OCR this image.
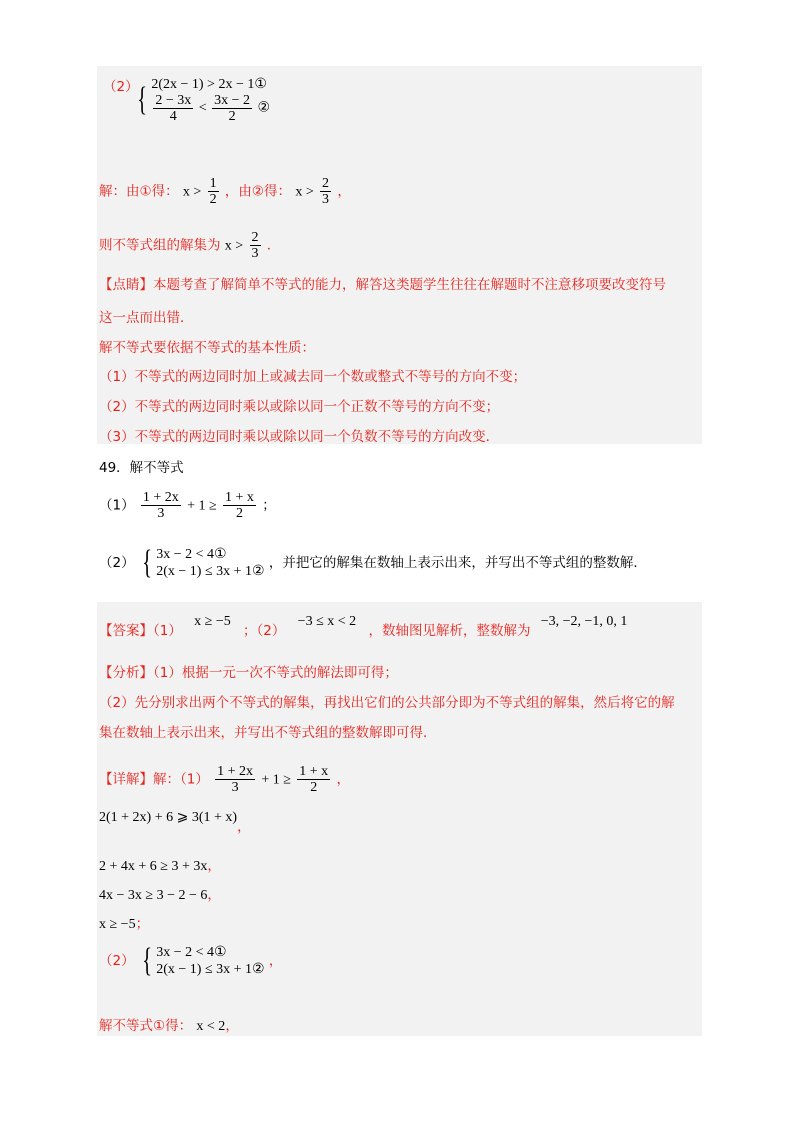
（2）
{ 2(2x − 1) > 2x − 1①
$\frac{2 - 3x}{4} < \frac{3x - 2}{2}$ ②
解：由①得： $x > \frac{1}{2}$ ，由②得： $x > \frac{2}{3}$ ，
则不等式组的解集为 $x > \frac{2}{3}$ ．
【点睛】本题考查了解简单不等式的能力，解答这类题学生往往在解题时不注意移项要改变符号
这一点而出错．
解不等式要依据不等式的基本性质：
（1）不等式的两边同时加上或减去同一个数或整式不等号的方向不变；
（2）不等式的两边同时乘以或除以同一个正数不等号的方向不变；
（3）不等式的两边同时乘以或除以同一个负数不等号的方向改变．
49．解不等式
$(1) \frac{1 + 2x}{3} + 1 \ge \frac{1 + x}{2}$ ；
（2） { 3x − 2 < 4①
2(x − 1) ≤ 3x + 1②
，并把它的解集在数轴上表示出来，并写出不等式组的整数解．
【答案】（1） x ≥ −5 ；（2） −3 ≤ x < 2 ，数轴图见解析，整数解为 −3, −2, −1, 0, 1
【分析】（1）根据一元一次不等式的解法即可得；
（2）先分别求出两个不等式的解集，再找出它们的公共部分即为不等式组的解集，然后将它的解
集在数轴上表示出来，并写出不等式组的整数解即可得．
【详解】解：$(1) \frac{1 + 2x}{3} + 1 \ge \frac{1 + x}{2}$ ，
2(1 + 2x) + 6 ⩾ 3(1 + x)，
2 + 4x + 6 ≥ 3 + 3x，
4x − 3x ≥ 3 − 2 − 6，
x ≥ −5；
（2） { 3x − 2 < 4①
2(x − 1) ≤ 3x + 1②
，
解不等式①得： x < 2，
